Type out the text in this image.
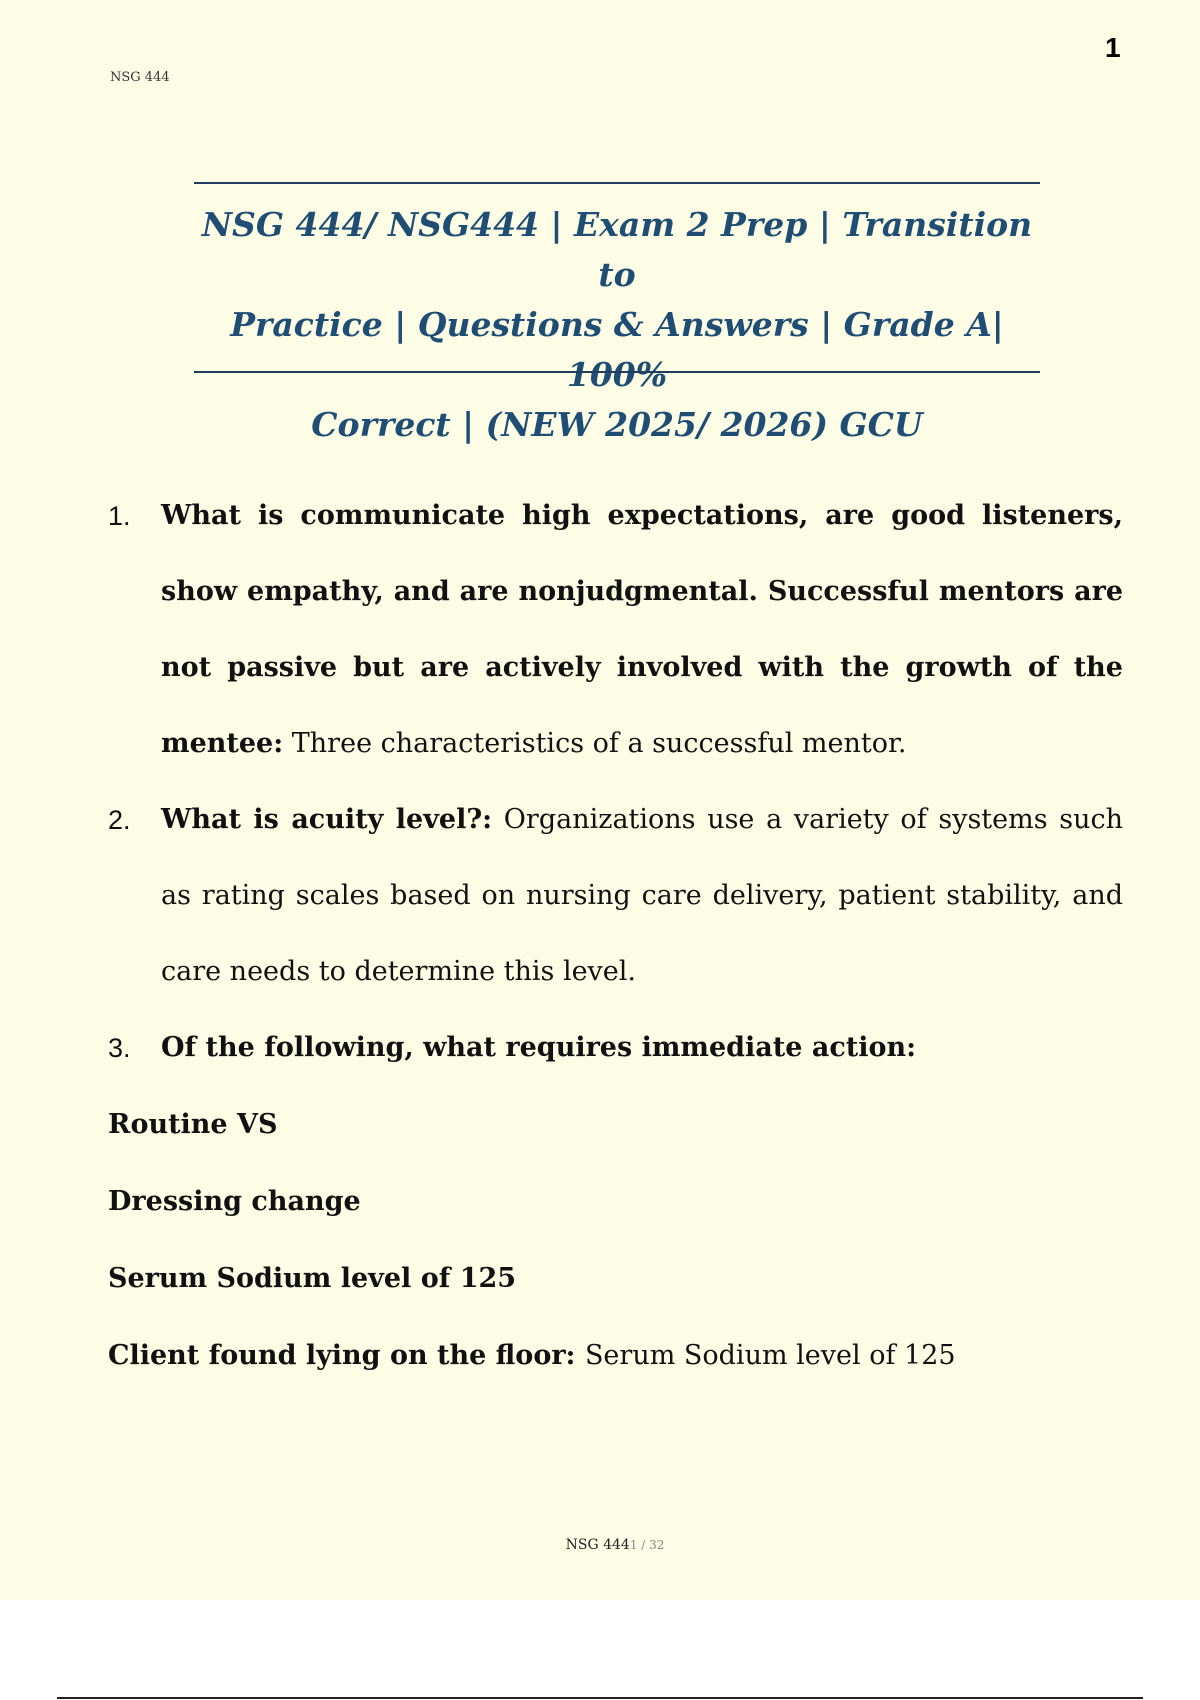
NSG 444
1
NSG 444/ NSG444 | Exam 2 Prep | Transition to
Practice | Questions & Answers | Grade A| 100%
Correct | (NEW 2025/ 2026) GCU
1. What is communicate high expectations, are good listeners, show empathy, and are nonjudgmental. Successful mentors are not passive but are actively involved with the growth of the mentee: Three characteristics of a successful mentor.
2. What is acuity level?: Organizations use a variety of systems such as rating scales based on nursing care delivery, patient stability, and care needs to determine this level.
3. Of the following, what requires immediate action:
Routine VS
Dressing change
Serum Sodium level of 125
Client found lying on the floor: Serum Sodium level of 125
NSG 4441 / 32
